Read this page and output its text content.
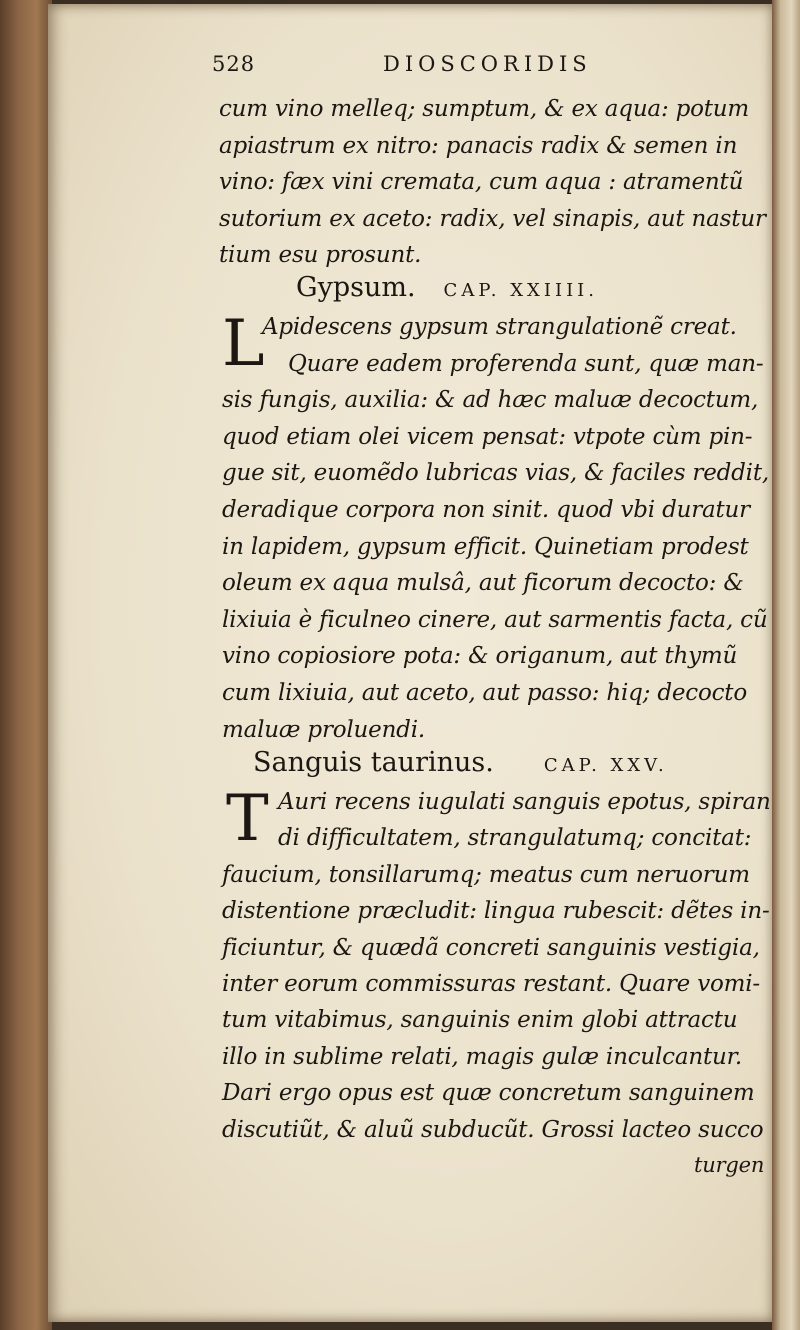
528	DIOSCORIDIS
cum vino melleq; sumptum, & ex aqua: potum
apiastrum ex nitro: panacis radix & semen in
vino: fæx vini cremata, cum aqua : atramentũ
sutorium ex aceto: radix, vel sinapis, aut nastur
tium esu prosunt.
Gypsum. CAP. XXIIII.
L
Apidescens gypsum strangulationẽ creat.
Quare eadem proferenda sunt, quæ man-
sis fungis, auxilia: & ad hæc maluæ decoctum,
quod etiam olei vicem pensat: vtpote cùm pin-
gue sit, euomẽdo lubricas vias, & faciles reddit,
deradique corpora non sinit. quod vbi duratur
in lapidem, gypsum efficit. Quinetiam prodest
oleum ex aqua mulsâ, aut ficorum decocto: &
lixiuia è ficulneo cinere, aut sarmentis facta, cũ
vino copiosiore pota: & origanum, aut thymũ
cum lixiuia, aut aceto, aut passo: hiq; decocto
maluæ proluendi.
Sanguis taurinus.	CAP. XXV.
T Auri recens iugulati sanguis epotus, spiran
di difficultatem, strangulatumq; concitat:
faucium, tonsillarumq; meatus cum neruorum
distentione præcludit: lingua rubescit: dẽtes in-
ficiuntur, & quædã concreti sanguinis vestigia,
inter eorum commissuras restant. Quare vomi-
tum vitabimus, sanguinis enim globi attractu
illo in sublime relati, magis gulæ inculcantur.
Dari ergo opus est quæ concretum sanguinem
discutiũt, & aluũ subducũt. Grossi lacteo succo
turgen
